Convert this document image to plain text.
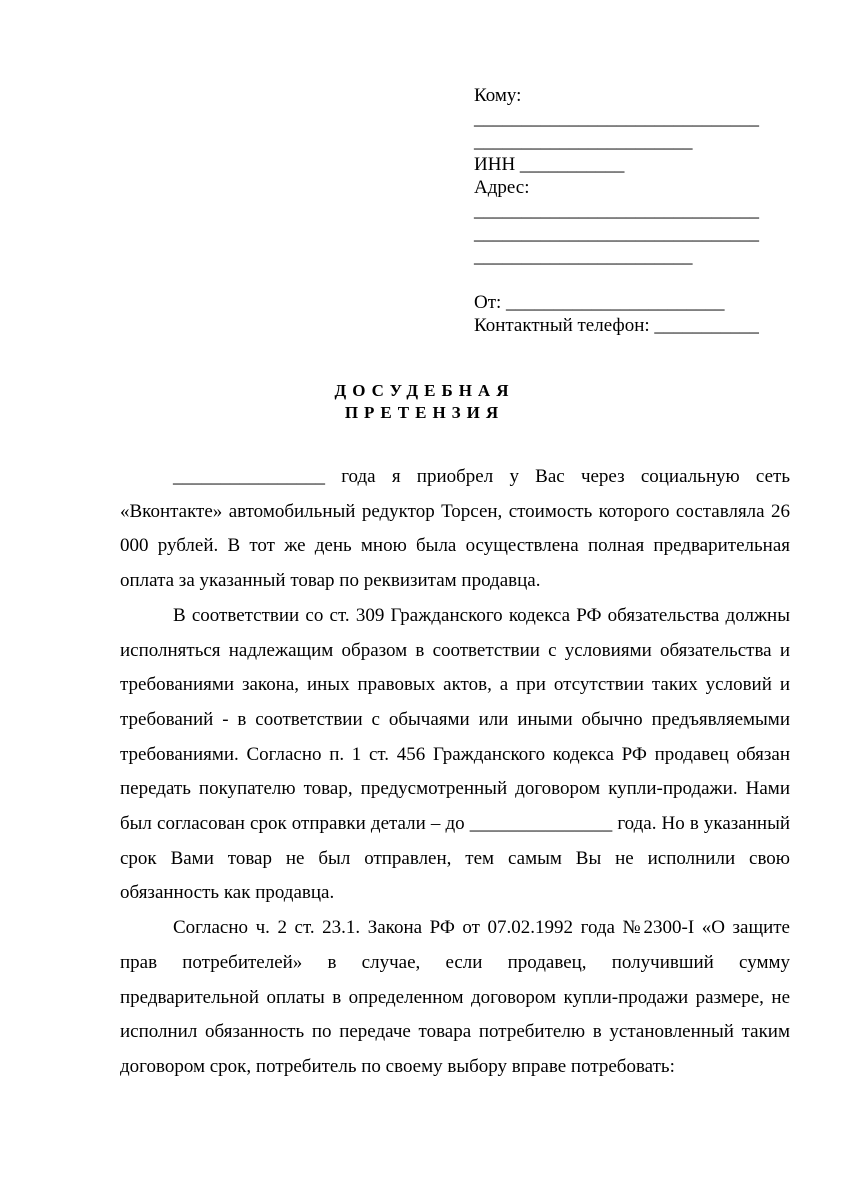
Кому:
______________________________
_______________________
ИНН ___________
Адрес:
______________________________
______________________________
_______________________
От: _______________________
Контактный телефон: ___________
ДОСУДЕБНАЯ
ПРЕТЕНЗИЯ

________________ года я приобрел у Вас через социальную сеть «Вконтакте» автомобильный редуктор Торсен, стоимость которого составляла 26 000 рублей. В тот же день мною была осуществлена полная предварительная оплата за указанный товар по реквизитам продавца.

В соответствии со ст. 309 Гражданского кодекса РФ обязательства должны исполняться надлежащим образом в соответствии с условиями обязательства и требованиями закона, иных правовых актов, а при отсутствии таких условий и требований - в соответствии с обычаями или иными обычно предъявляемыми требованиями. Согласно п. 1 ст. 456 Гражданского кодекса РФ продавец обязан передать покупателю товар, предусмотренный договором купли-продажи. Нами был согласован срок отправки детали – до _______________ года. Но в указанный срок Вами товар не был отправлен, тем самым Вы не исполнили свою обязанность как продавца.

Согласно ч. 2 ст. 23.1. Закона РФ от 07.02.1992 года №2300-I «О защите прав потребителей» в случае, если продавец, получивший сумму предварительной оплаты в определенном договором купли-продажи размере, не исполнил обязанность по передаче товара потребителю в установленный таким договором срок, потребитель по своему выбору вправе потребовать:
